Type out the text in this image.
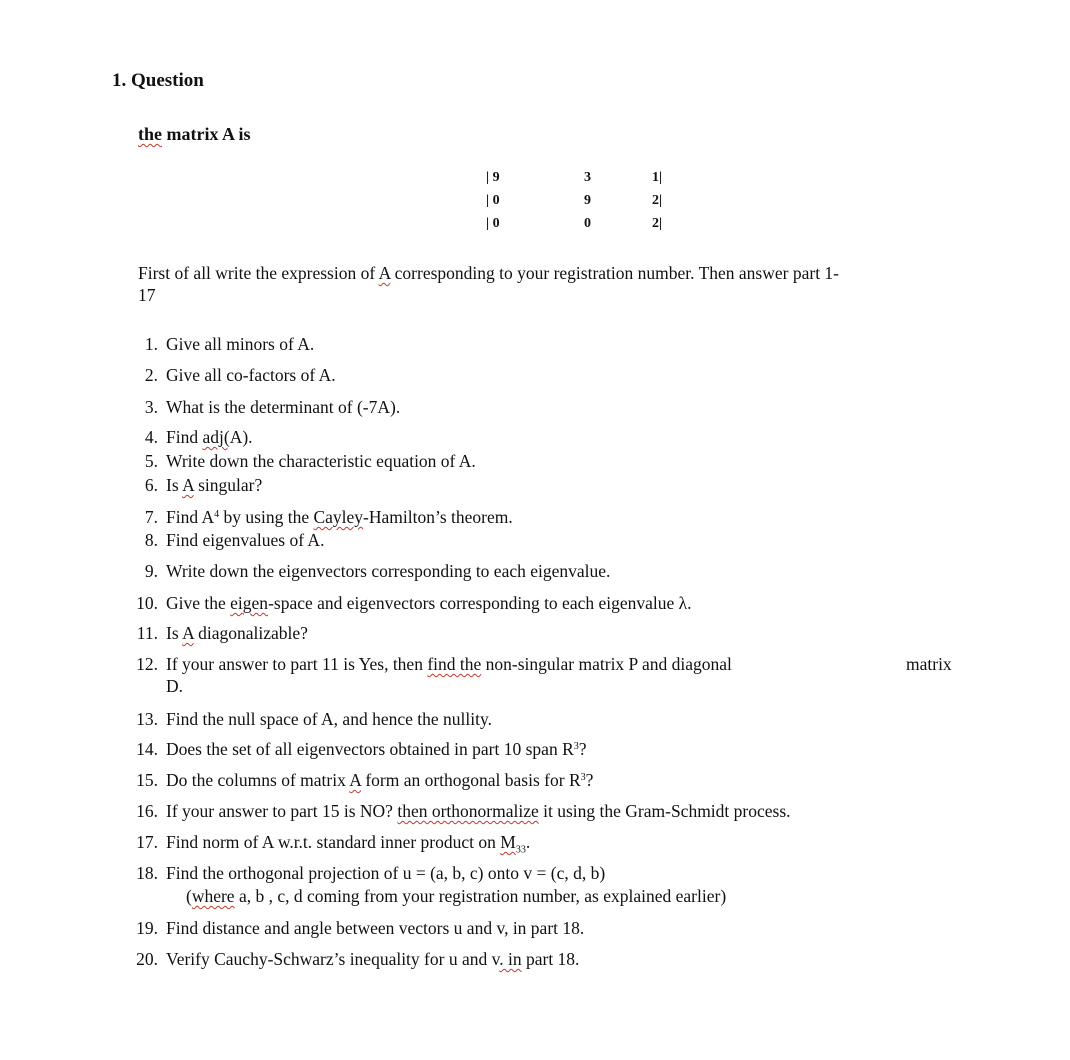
1. Question
the matrix A is
| 9	3	1|
| 0	9	2|
| 0	0	2|
First of all write the expression of A corresponding to your registration number. Then answer part 1-
17
1. Give all minors of A.
2. Give all co-factors of A.
3. What is the determinant of (-7A).
4. Find adj(A).
5. Write down the characteristic equation of A.
6. Is A singular?
7. Find $A^4$ by using the Cayley-Hamilton’s theorem.
8. Find eigenvalues of A.
9. Write down the eigenvectors corresponding to each eigenvalue.
10. Give the eigen-space and eigenvectors corresponding to each eigenvalue λ.
11. Is A diagonalizable?
12. If your answer to part 11 is Yes, then find the non-singular matrix P and diagonal	matrix
D.
13. Find the null space of A, and hence the nullity.
14. Does the set of all eigenvectors obtained in part 10 span $R^3$?
15. Do the columns of matrix A form an orthogonal basis for $R^3$?
16. If your answer to part 15 is NO? then orthonormalize it using the Gram-Schmidt process.
17. Find norm of A w.r.t. standard inner product on $M_{33}$.
18. Find the orthogonal projection of u = (a, b, c) onto v = (c, d, b)
(where a, b , c, d coming from your registration number, as explained earlier)
19. Find distance and angle between vectors u and v, in part 18.
20. Verify Cauchy-Schwarz’s inequality for u and v. in part 18.
